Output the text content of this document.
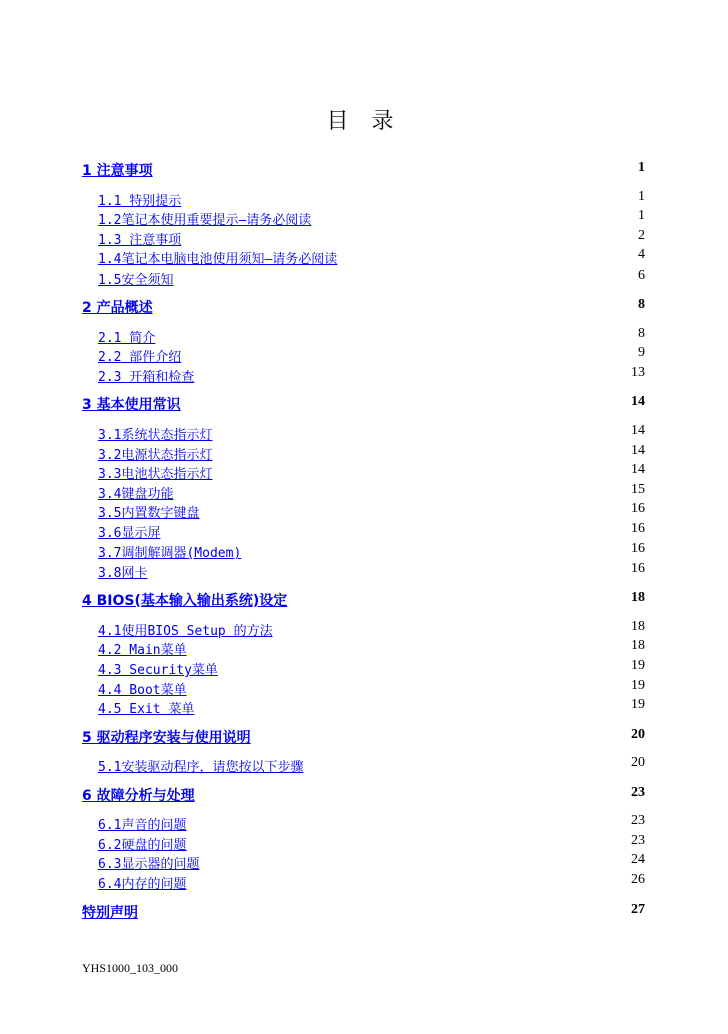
目 录
1 注意事项	1
1.1 特别提示	1
1.2笔记本使用重要提示—请务必阅读	1
1.3 注意事项	2
1.4笔记本电脑电池使用须知—请务必阅读	4
1.5安全须知	6
2 产品概述	8
2.1 简介	8
2.2 部件介绍	9
2.3 开箱和检查	13
3 基本使用常识	14
3.1系统状态指示灯	14
3.2电源状态指示灯	14
3.3电池状态指示灯	14
3.4键盘功能	15
3.5内置数字键盘	16
3.6显示屏	16
3.7调制解调器(Modem)	16
3.8网卡	16
4 BIOS(基本输入输出系统)设定	18
4.1使用BIOS Setup 的方法	18
4.2 Main菜单	18
4.3 Security菜单	19
4.4 Boot菜单	19
4.5 Exit 菜单	19
5 驱动程序安装与使用说明	20
5.1安装驱动程序，请您按以下步骤	20
6 故障分析与处理	23
6.1声音的问题	23
6.2硬盘的问题	23
6.3显示器的问题	24
6.4内存的问题	26
特别声明	27
YHS1000_103_000
